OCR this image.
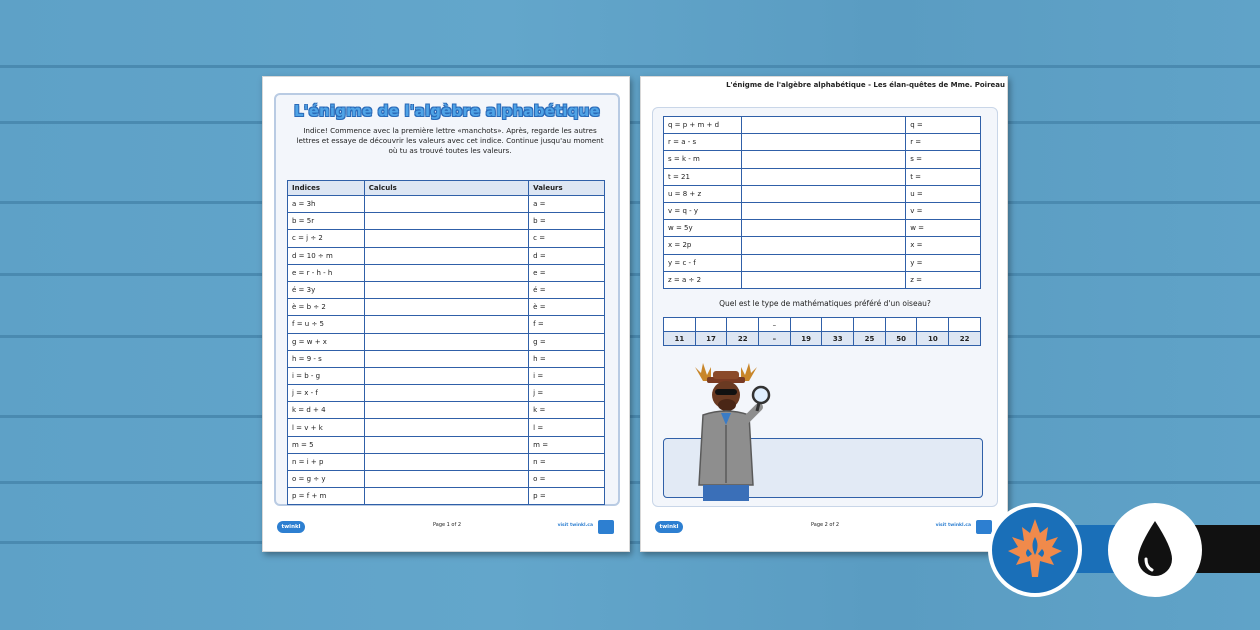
L'énigme de l'algèbre alphabétique
Indice! Commence avec la première lettre «manchots». Après, regarde les autres lettres et essaye de découvrir les valeurs avec cet indice. Continue jusqu'au moment où tu as trouvé toutes les valeurs.
Indices	Calculs	Valeurs
a = 3h		a =
b = 5r		b =
c = j ÷ 2		c =
d = 10 ÷ m		d =
e = r - h - h		e =
é = 3y		é =
è = b ÷ 2		è =
f = u ÷ 5		f =
g = w + x		g =
h = 9 - s		h =
i = b - g		i =
j = x - f		j =
k = d + 4		k =
l = v + k		l =
m = 5		m =
n = i + p		n =
o = g ÷ y		o =
p = f + m		p =
twinkl	Page 1 of 2	visit twinkl.ca
L'énigme de l'algèbre alphabétique - Les élan-quêtes de Mme. Poireau
q = p + m + d		q =
r = a - s		r =
s = k - m		s =
t = 21		t =
u = 8 + z		u =
v = q - y		v =
w = 5y		w =
x = 2p		x =
y = c - f		y =
z = a ÷ 2		z =
Quel est le type de mathématiques préféré d'un oiseau?
			–						
11	17	22	–	19	33	25	50	10	22
twinkl	Page 2 of 2	visit twinkl.ca
